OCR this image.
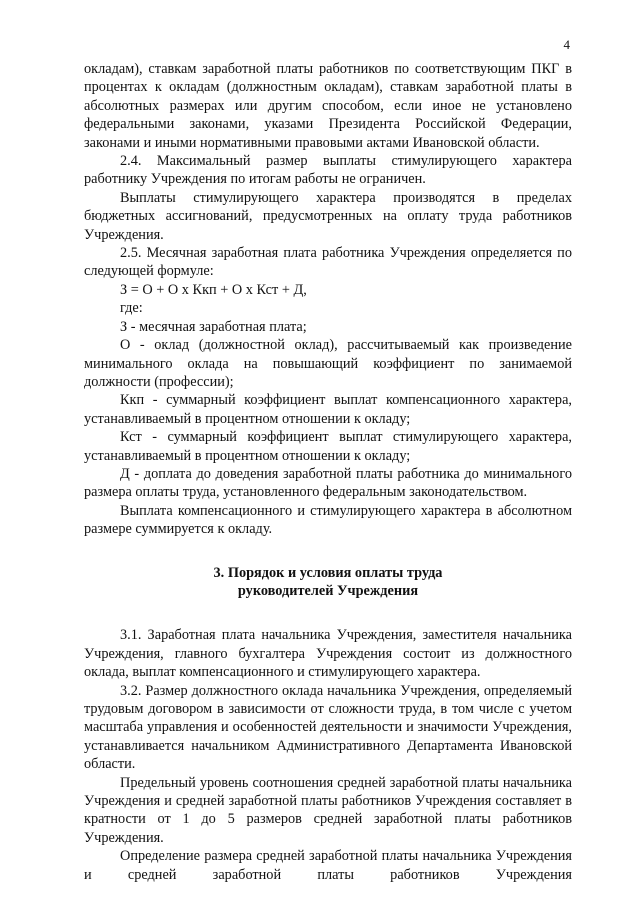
4

окладам), ставкам заработной платы работников по соответствующим ПКГ в процентах к окладам (должностным окладам), ставкам заработной платы в абсолютных размерах или другим способом, если иное не установлено федеральными законами, указами Президента Российской Федерации, законами и иными нормативными правовыми актами Ивановской области.

2.4. Максимальный размер выплаты стимулирующего характера работнику Учреждения по итогам работы не ограничен.

Выплаты стимулирующего характера производятся в пределах бюджетных ассигнований, предусмотренных на оплату труда работников Учреждения.

2.5. Месячная заработная плата работника Учреждения определяется по следующей формуле:

З = О + О х Ккп + О х Кст + Д,

где:

З - месячная заработная плата;

О - оклад (должностной оклад), рассчитываемый как произведение минимального оклада на повышающий коэффициент по занимаемой должности (профессии);

Ккп - суммарный коэффициент выплат компенсационного характера, устанавливаемый в процентном отношении к окладу;

Кст - суммарный коэффициент выплат стимулирующего характера, устанавливаемый в процентном отношении к окладу;

Д - доплата до доведения заработной платы работника до минимального размера оплаты труда, установленного федеральным законодательством.

Выплата компенсационного и стимулирующего характера в абсолютном размере суммируется к окладу.

3. Порядок и условия оплаты труда
руководителей Учреждения

3.1. Заработная плата начальника Учреждения, заместителя начальника Учреждения, главного бухгалтера Учреждения состоит из должностного оклада, выплат компенсационного и стимулирующего характера.

3.2. Размер должностного оклада начальника Учреждения, определяемый трудовым договором в зависимости от сложности труда, в том числе с учетом масштаба управления и особенностей деятельности и значимости Учреждения, устанавливается начальником Административного Департамента Ивановской области.

Предельный уровень соотношения средней заработной платы начальника Учреждения и средней заработной платы работников Учреждения составляет в кратности от 1 до 5 размеров средней заработной платы работников Учреждения.

Определение размера средней заработной платы начальника Учреждения и средней заработной платы работников Учреждения
